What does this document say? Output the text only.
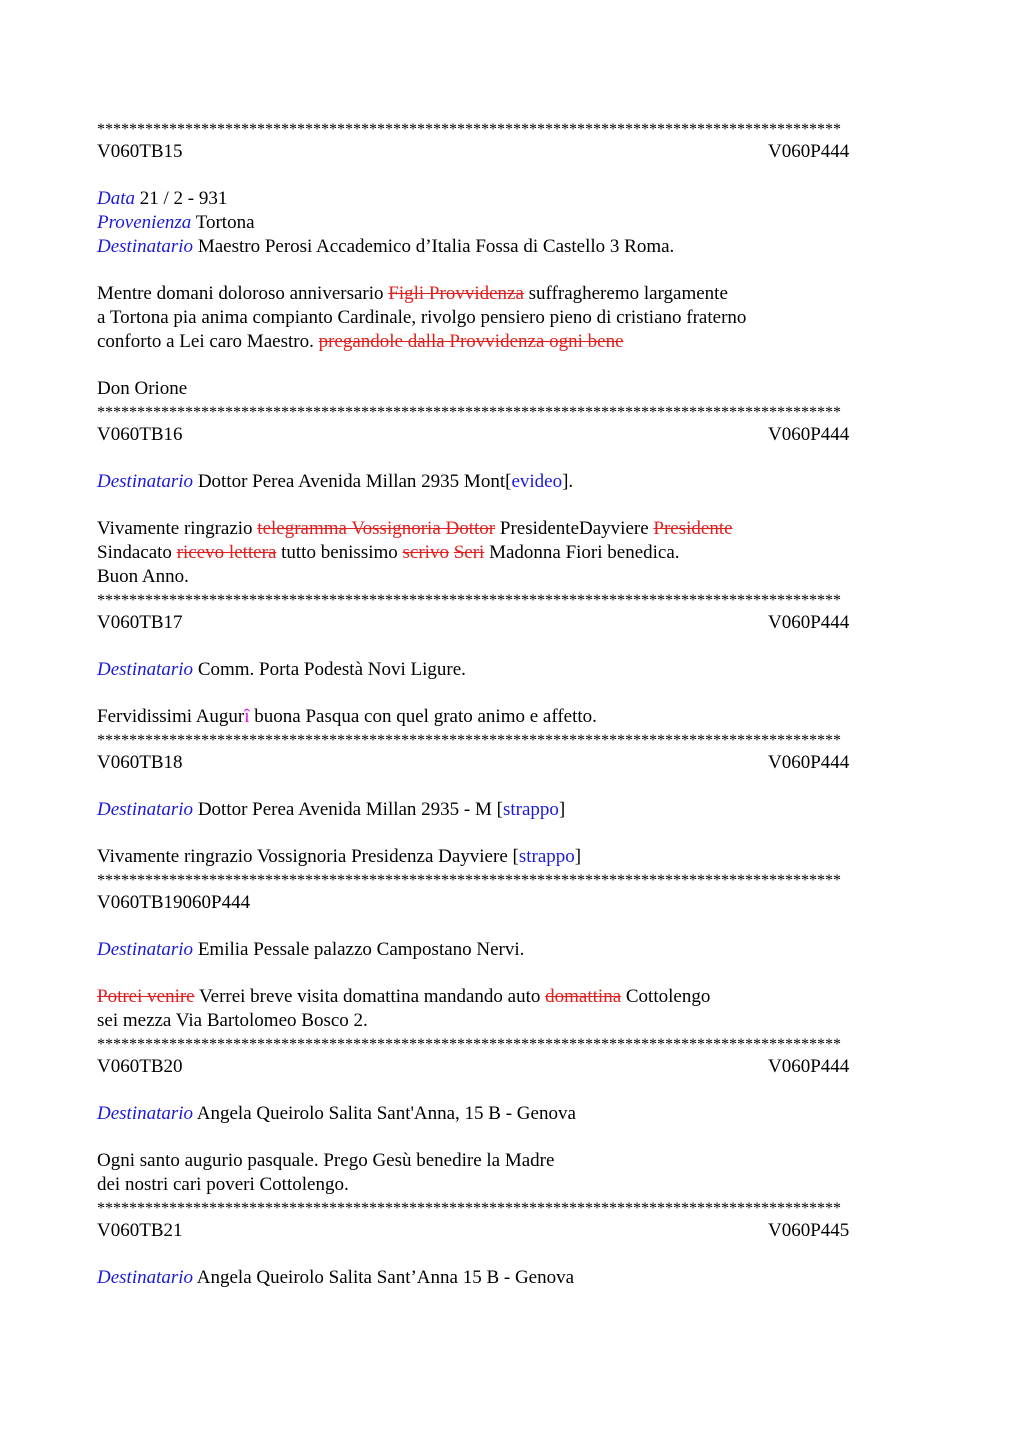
*********************************************************************************************
V060TB15	V060P444
Data 21 / 2 - 931
Provenienza Tortona
Destinatario Maestro Perosi Accademico d’Italia Fossa di Castello 3 Roma.
Mentre domani doloroso anniversario Figli Provvidenza suffragheremo largamente
a Tortona pia anima compianto Cardinale, rivolgo pensiero pieno di cristiano fraterno
conforto a Lei caro Maestro. pregandole dalla Provvidenza ogni bene
Don Orione
*********************************************************************************************
V060TB16	V060P444
Destinatario Dottor Perea Avenida Millan 2935 Mont[evideo].
Vivamente ringrazio telegramma Vossignoria Dottor PresidenteDayviere Presidente
Sindacato ricevo lettera tutto benissimo scrivo Seri Madonna Fiori benedica.
Buon Anno.
*********************************************************************************************
V060TB17	V060P444
Destinatario Comm. Porta Podestà Novi Ligure.
Fervidissimi Augurî buona Pasqua con quel grato animo e affetto.
*********************************************************************************************
V060TB18	V060P444
Destinatario Dottor Perea Avenida Millan 2935 - M [strappo]
Vivamente ringrazio Vossignoria Presidenza Dayviere [strappo]
*********************************************************************************************
V060TB19060P444
Destinatario Emilia Pessale palazzo Campostano Nervi.
Potrei venire Verrei breve visita domattina mandando auto domattina Cottolengo
sei mezza Via Bartolomeo Bosco 2.
*********************************************************************************************
V060TB20	V060P444
Destinatario Angela Queirolo Salita Sant'Anna, 15 B - Genova
Ogni santo augurio pasquale. Prego Gesù benedire la Madre
dei nostri cari poveri Cottolengo.
*********************************************************************************************
V060TB21	V060P445
Destinatario Angela Queirolo Salita Sant’Anna 15 B - Genova
